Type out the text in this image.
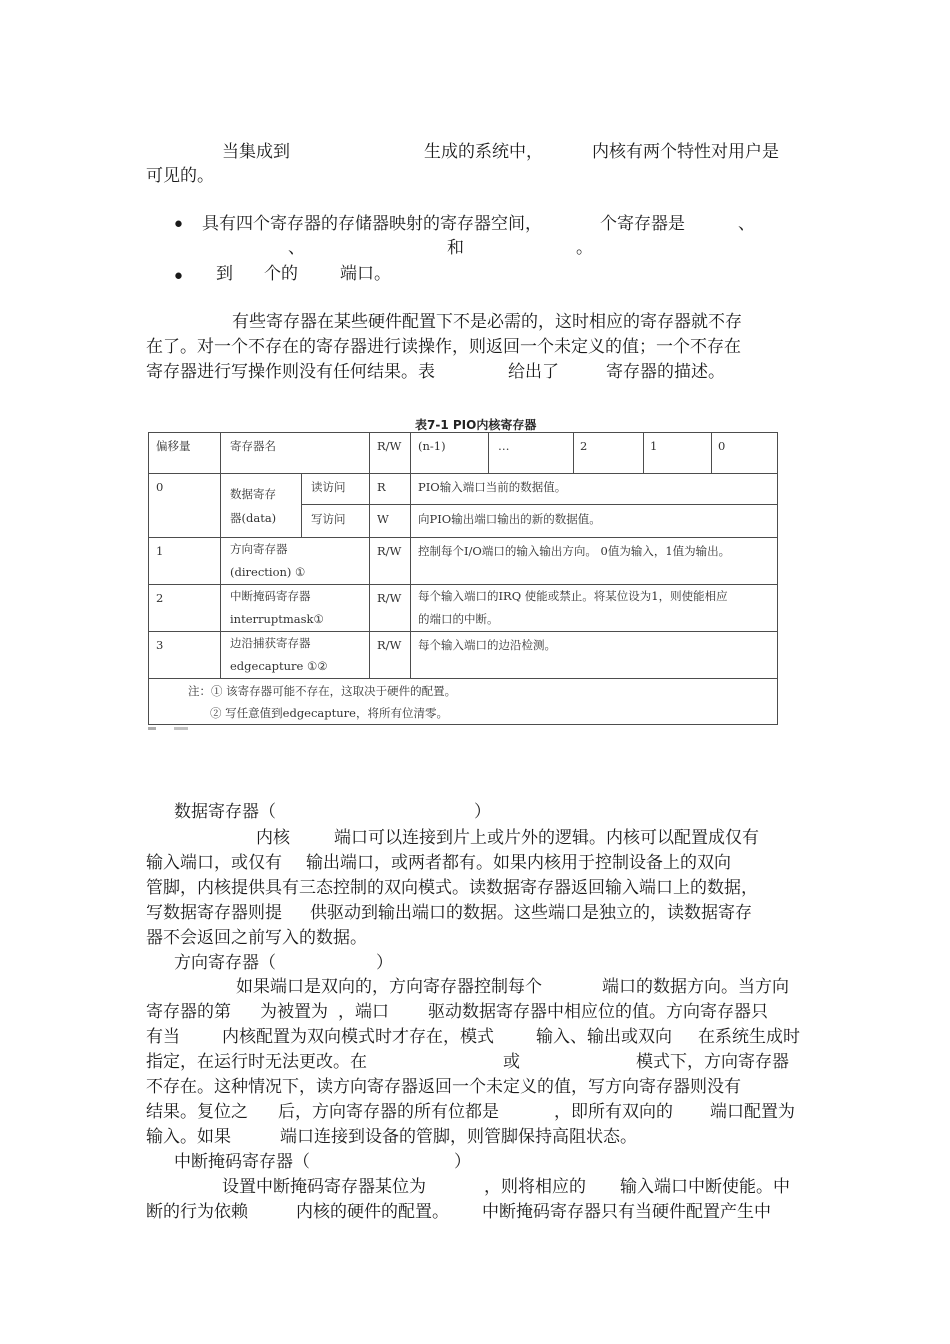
当集成到	生成的系统中，	内核有两个特性对用户是
可见的。
• 具有四个寄存器的存储器映射的寄存器空间，	个寄存器是	、
、	和	。
• 到 个的 端口。
有些寄存器在某些硬件配置下不是必需的，这时相应的寄存器就不存
在了。对一个不存在的寄存器进行读操作，则返回一个未定义的值；一个不存在
寄存器进行写操作则没有任何结果。表	给出了	寄存器的描述。
表7-1 PIO内核寄存器
偏移量	寄存器名	R/W (n-1)	…	2	1	0
0	数据寄存
器(data)
读访问	R	PIO输入端口当前的数据值。
写访问	W	向PIO输出端口输出的新的数据值。
1	方向寄存器
(direction) ①
R/W 控制每个I/O端口的输入输出方向。 0值为输入，1值为输出。
2	中断掩码寄存器
interruptmask①
R/W 每个输入端口的IRQ 使能或禁止。将某位设为1，则使能相应
的端口的中断。
3	边沿捕获寄存器
edgecapture ①②
R/W 每个输入端口的边沿检测。
注：① 该寄存器可能不存在，这取决于硬件的配置。
② 写任意值到edgecapture，将所有位清零。
数据寄存器（	）
内核	端口可以连接到片上或片外的逻辑。内核可以配置成仅有
输入端口，或仅有 输出端口，或两者都有。如果内核用于控制设备上的双向
管脚，内核提供具有三态控制的双向模式。读数据寄存器返回输入端口上的数据，
写数据寄存器则提 供驱动到输出端口的数据。这些端口是独立的，读数据寄存
器不会返回之前写入的数据。
方向寄存器（	）
如果端口是双向的，方向寄存器控制每个	端口的数据方向。当方向
寄存器的第 为被置为 ，端口 驱动数据寄存器中相应位的值。方向寄存器只
有当 内核配置为双向模式时才存在，模式 输入、输出或双向 在系统生成时
指定，在运行时无法更改。在	或	模式下，方向寄存器
不存在。这种情况下，读方向寄存器返回一个未定义的值，写方向寄存器则没有
结果。复位之 后，方向寄存器的所有位都是	，即所有双向的 端口配置为
输入。如果	端口连接到设备的管脚，则管脚保持高阻状态。
中断掩码寄存器（	）
设置中断掩码寄存器某位为	，则将相应的 输入端口中断使能。中
断的行为依赖	内核的硬件的配置。 中断掩码寄存器只有当硬件配置产生中
